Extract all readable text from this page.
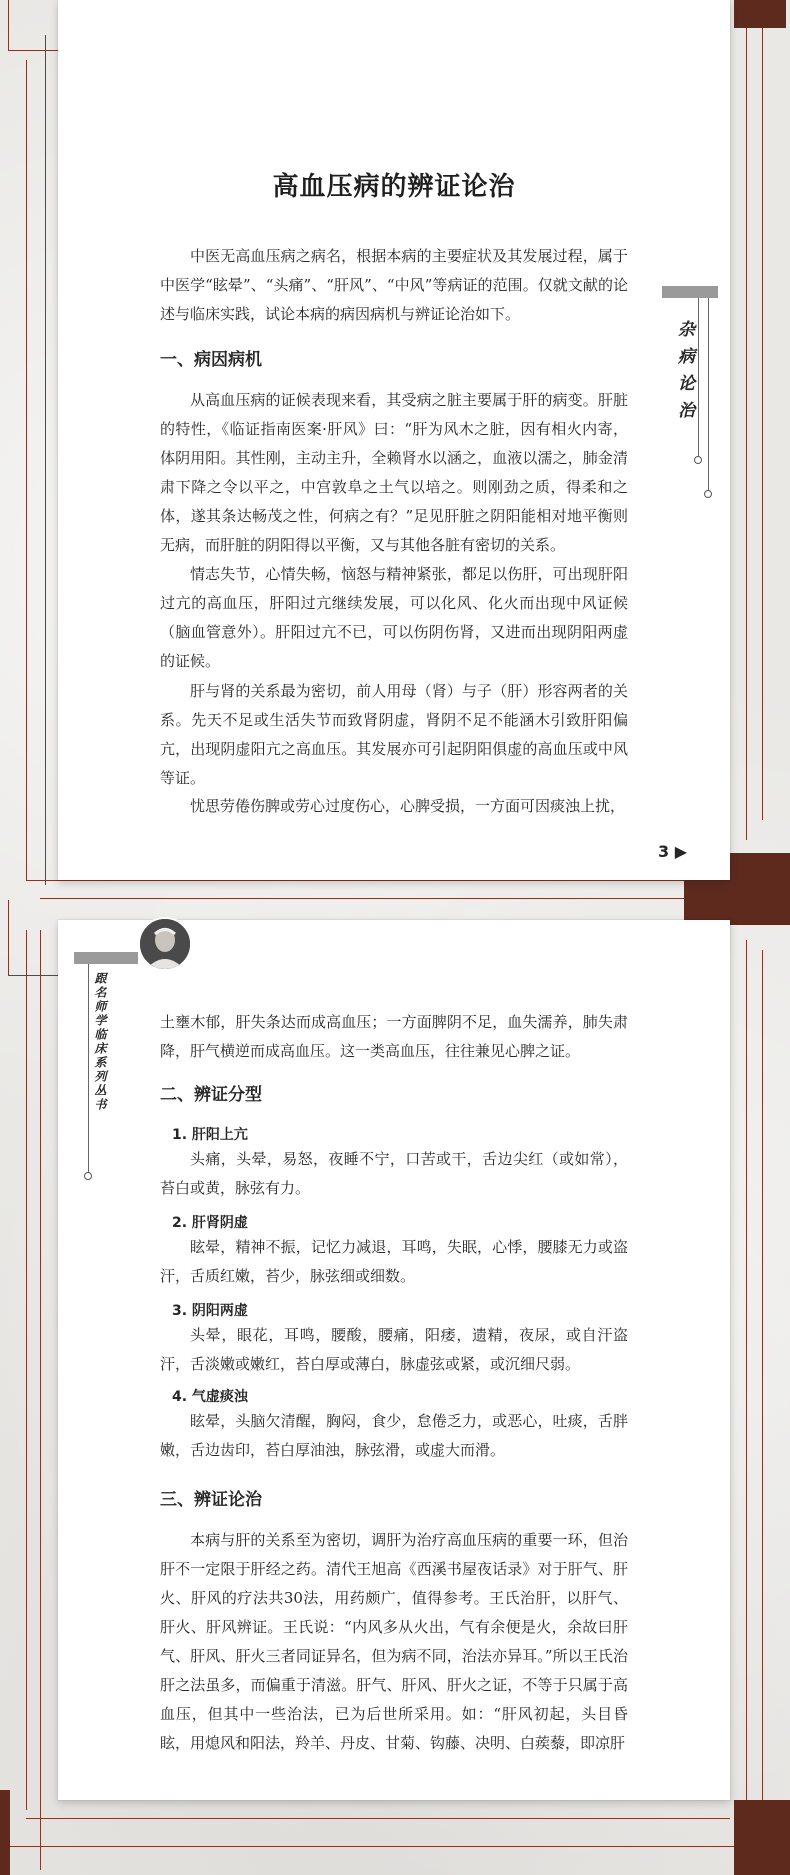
高血压病的辨证论治

中医无高血压病之病名，根据本病的主要症状及其发展过程，属于中医学“眩晕”、“头痛”、“肝风”、“中风”等病证的范围。仅就文献的论述与临床实践，试论本病的病因病机与辨证论治如下。

一、病因病机

从高血压病的证候表现来看，其受病之脏主要属于肝的病变。肝脏的特性，《临证指南医案·肝风》曰：“肝为风木之脏，因有相火内寄，体阴用阳。其性刚，主动主升，全赖肾水以涵之，血液以濡之，肺金清肃下降之令以平之，中宫敦阜之土气以培之。则刚劲之质，得柔和之体，遂其条达畅茂之性，何病之有？”足见肝脏之阴阳能相对地平衡则无病，而肝脏的阴阳得以平衡，又与其他各脏有密切的关系。

情志失节，心情失畅，恼怒与精神紧张，都足以伤肝，可出现肝阳过亢的高血压，肝阳过亢继续发展，可以化风、化火而出现中风证候（脑血管意外）。肝阳过亢不已，可以伤阴伤肾，又进而出现阴阳两虚的证候。

肝与肾的关系最为密切，前人用母（肾）与子（肝）形容两者的关系。先天不足或生活失节而致肾阴虚，肾阴不足不能涵木引致肝阳偏亢，出现阴虚阳亢之高血压。其发展亦可引起阴阳俱虚的高血压或中风等证。

忧思劳倦伤脾或劳心过度伤心，心脾受损，一方面可因痰浊上扰，

3 ▶
杂病论治
跟名师学临床系列丛书	土壅木郁，肝失条达而成高血压；一方面脾阴不足，血失濡养，肺失肃降，肝气横逆而成高血压。这一类高血压，往往兼见心脾之证。

二、辨证分型
1. 肝阳上亢

头痛，头晕，易怒，夜睡不宁，口苦或干，舌边尖红（或如常），苔白或黄，脉弦有力。

2. 肝肾阴虚

眩晕，精神不振，记忆力减退，耳鸣，失眠，心悸，腰膝无力或盗汗，舌质红嫩，苔少，脉弦细或细数。

3. 阴阳两虚

头晕，眼花，耳鸣，腰酸，腰痛，阳痿，遗精，夜尿，或自汗盗汗，舌淡嫩或嫩红，苔白厚或薄白，脉虚弦或紧，或沉细尺弱。

4. 气虚痰浊

眩晕，头脑欠清醒，胸闷，食少，怠倦乏力，或恶心，吐痰，舌胖嫩，舌边齿印，苔白厚油浊，脉弦滑，或虚大而滑。

三、辨证论治

本病与肝的关系至为密切，调肝为治疗高血压病的重要一环，但治肝不一定限于肝经之药。清代王旭高《西溪书屋夜话录》对于肝气、肝火、肝风的疗法共30法，用药颇广，值得参考。王氏治肝，以肝气、肝火、肝风辨证。王氏说：“内风多从火出，气有余便是火，余故曰肝气、肝风、肝火三者同证异名，但为病不同，治法亦异耳。”所以王氏治肝之法虽多，而偏重于清滋。肝气、肝风、肝火之证，不等于只属于高血压，但其中一些治法，已为后世所采用。如：“肝风初起，头目昏眩，用熄风和阳法，羚羊、丹皮、甘菊、钩藤、决明、白蒺藜，即凉肝
